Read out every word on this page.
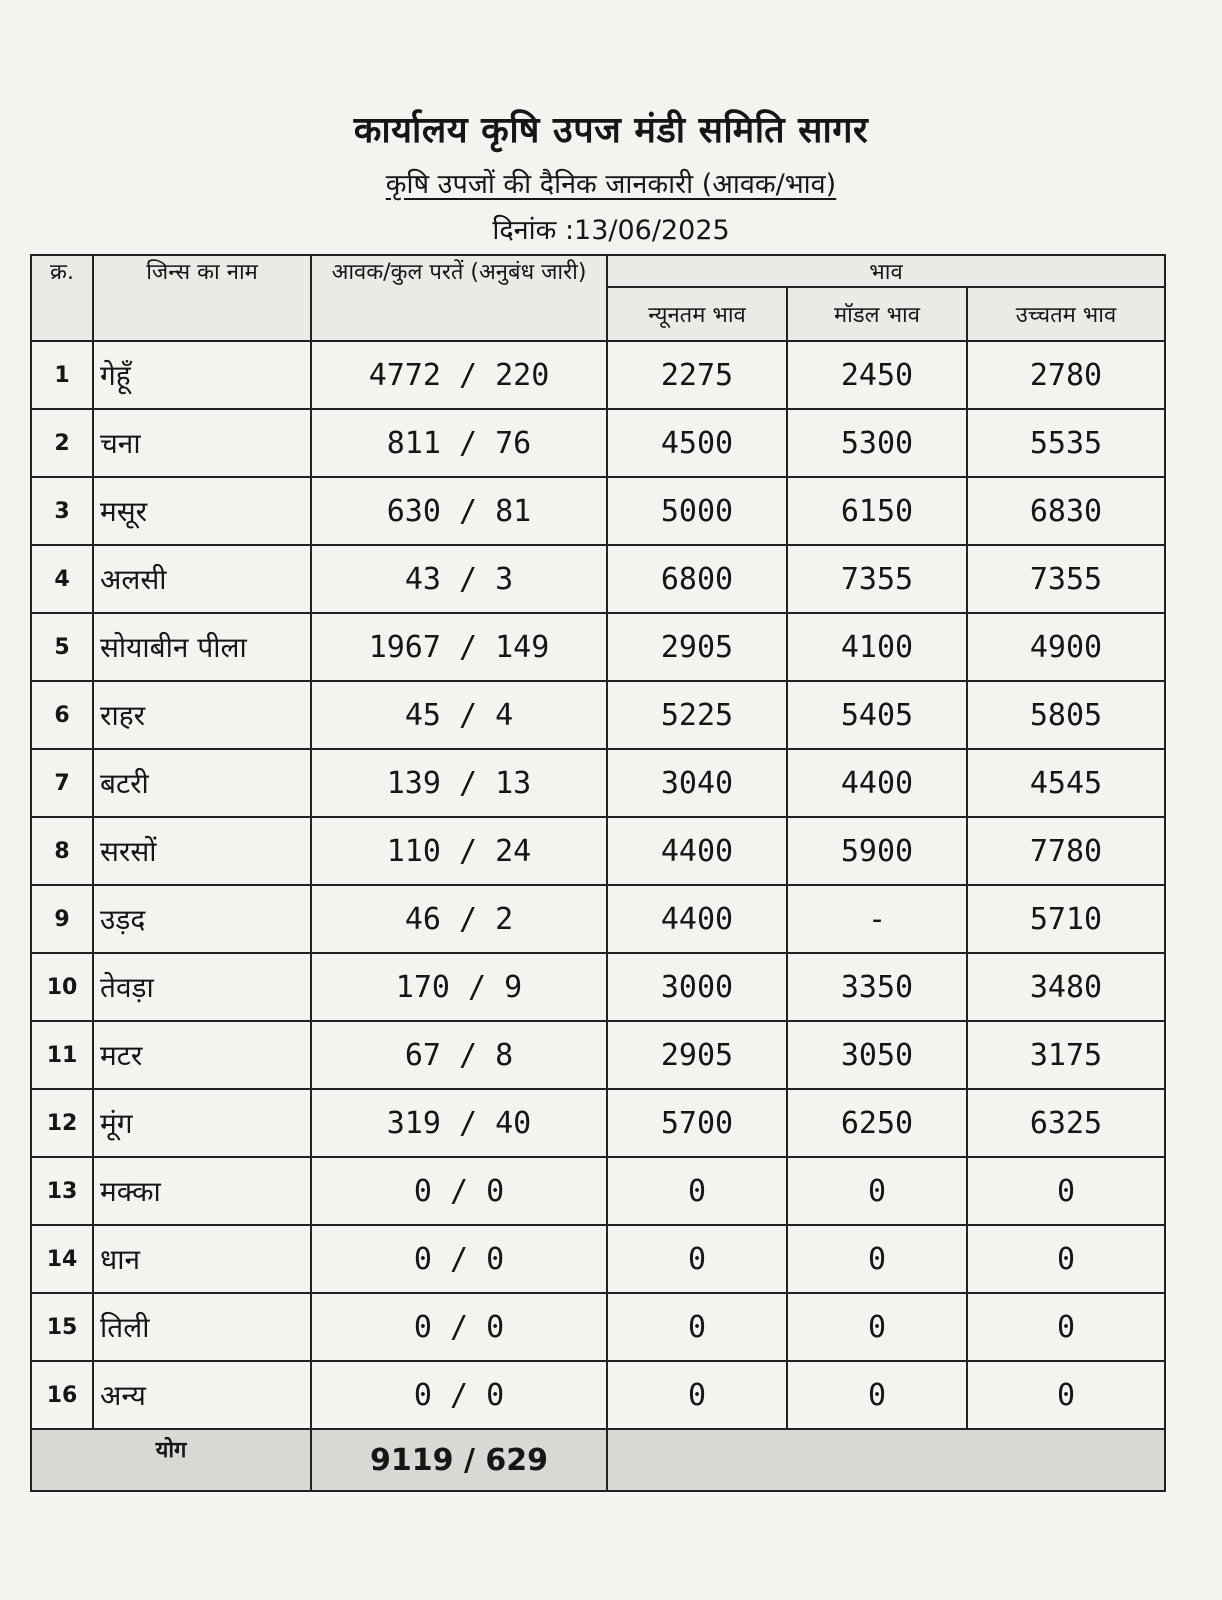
कार्यालय कृषि उपज मंडी समिति सागर
कृषि उपजों की दैनिक जानकारी (आवक/भाव)
दिनांक :13/06/2025
क्र.	जिन्स का नाम	आवक/कुल परतें (अनुबंध जारी)	भाव		
			न्यूनतम भाव	मॉडल भाव	उच्चतम भाव
1	गेहूँ	4772 / 220	2275	2450	2780
2	चना	811 / 76	4500	5300	5535
3	मसूर	630 / 81	5000	6150	6830
4	अलसी	43 / 3	6800	7355	7355
5	सोयाबीन पीला	1967 / 149	2905	4100	4900
6	राहर	45 / 4	5225	5405	5805
7	बटरी	139 / 13	3040	4400	4545
8	सरसों	110 / 24	4400	5900	7780
9	उड़द	46 / 2	4400	-	5710
10	तेवड़ा	170 / 9	3000	3350	3480
11	मटर	67 / 8	2905	3050	3175
12	मूंग	319 / 40	5700	6250	6325
13	मक्का	0 / 0	0	0	0
14	धान	0 / 0	0	0	0
15	तिली	0 / 0	0	0	0
16	अन्य	0 / 0	0	0	0
योग		9119 / 629			
